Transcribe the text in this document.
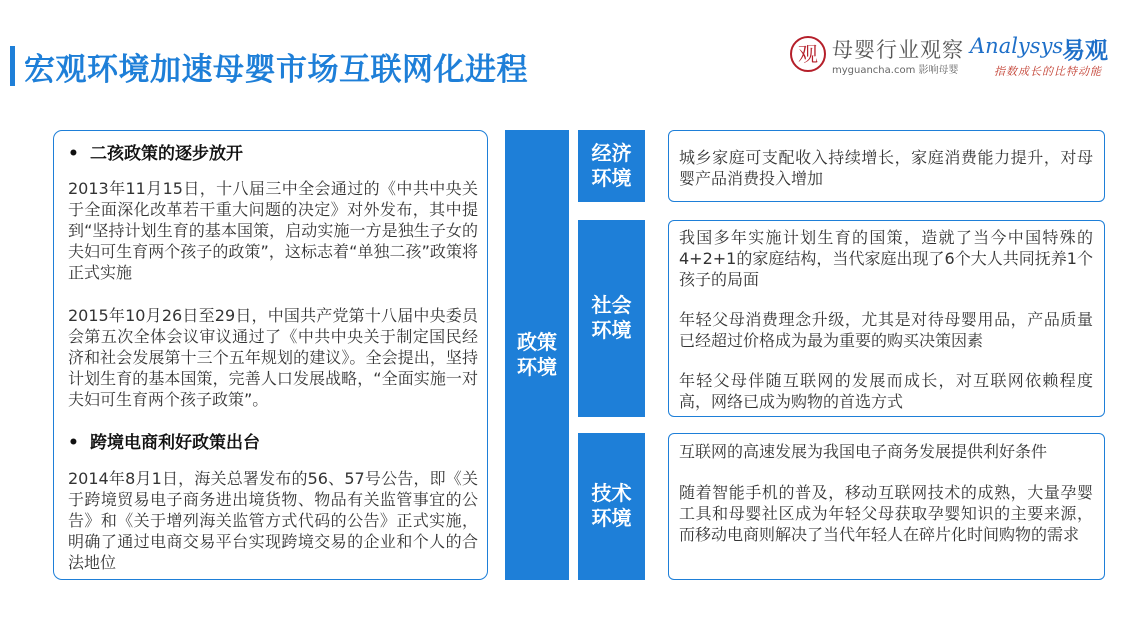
宏观环境加速母婴市场互联网化进程	观 母婴行业观察
myguancha.com 影响母婴
Analysys
易观
指数成长的比特动能
• 二孩政策的逐步放开

2013年11月15日，十八届三中全会通过的《中共中央关于全面深化改革若干重大问题的决定》对外发布，其中提到“坚持计划生育的基本国策，启动实施一方是独生子女的夫妇可生育两个孩子的政策”，这标志着“单独二孩”政策将正式实施

2015年10月26日至29日，中国共产党第十八届中央委员会第五次全体会议审议通过了《中共中央关于制定国民经济和社会发展第十三个五年规划的建议》。全会提出，坚持计划生育的基本国策，完善人口发展战略，“全面实施一对夫妇可生育两个孩子政策”。

• 跨境电商利好政策出台

2014年8月1日，海关总署发布的56、57号公告，即《关于跨境贸易电子商务进出境货物、物品有关监管事宜的公告》和《关于增列海关监管方式代码的公告》正式实施，明确了通过电商交易平台实现跨境交易的企业和个人的合法地位

政策
环境
经济
环境

城乡家庭可支配收入持续增长，家庭消费能力提升，对母婴产品消费投入增加

社会
环境

我国多年实施计划生育的国策，造就了当今中国特殊的4+2+1的家庭结构，当代家庭出现了6个大人共同抚养1个孩子的局面

年轻父母消费理念升级，尤其是对待母婴用品，产品质量已经超过价格成为最为重要的购买决策因素

年轻父母伴随互联网的发展而成长，对互联网依赖程度高，网络已成为购物的首选方式

技术
环境

互联网的高速发展为我国电子商务发展提供利好条件

随着智能手机的普及，移动互联网技术的成熟，大量孕婴工具和母婴社区成为年轻父母获取孕婴知识的主要来源，而移动电商则解决了当代年轻人在碎片化时间购物的需求
